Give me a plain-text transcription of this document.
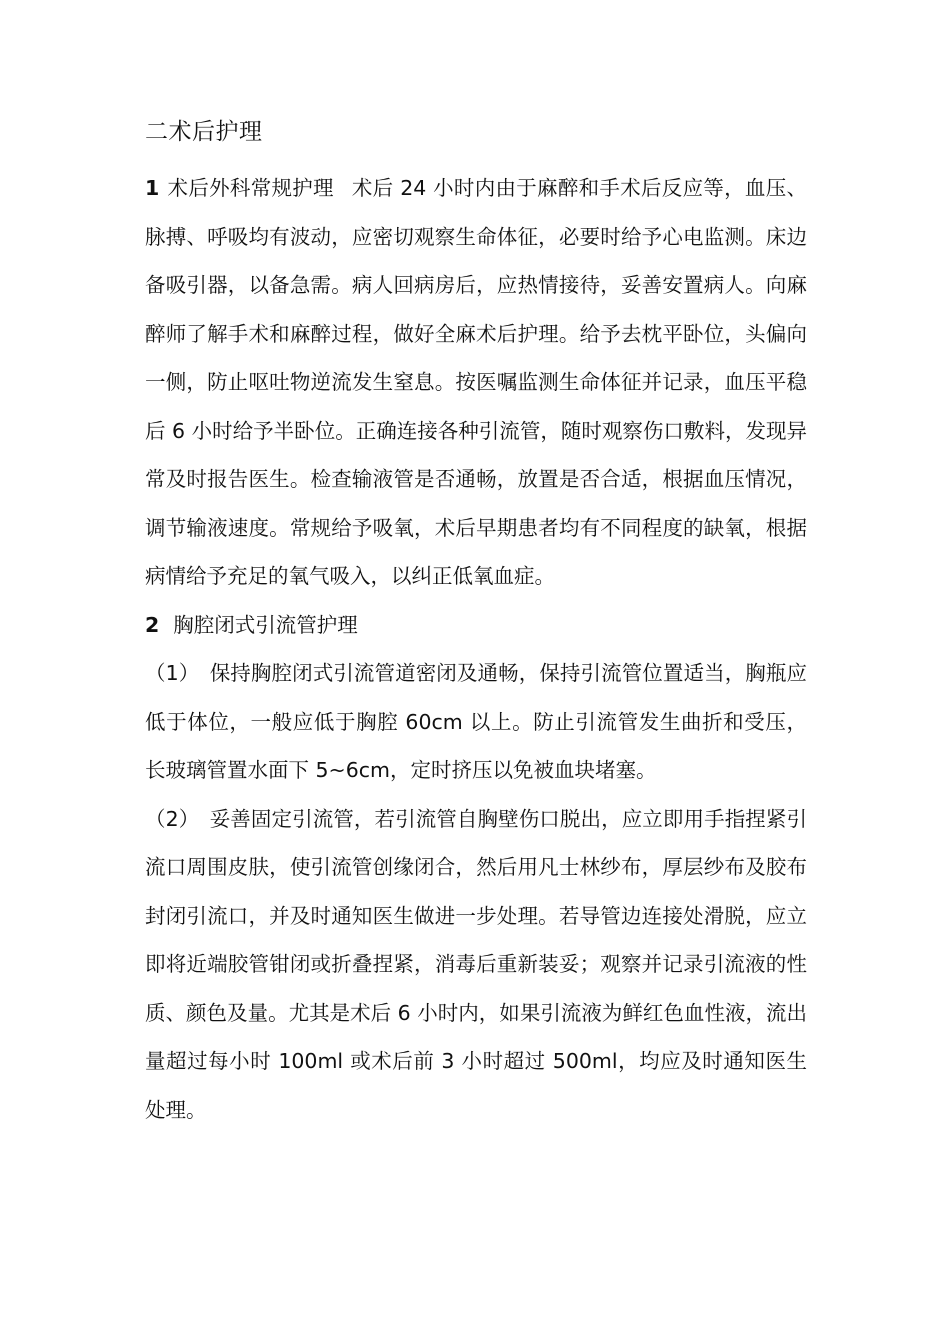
二术后护理

1 术后外科常规护理 术后 24 小时内由于麻醉和手术后反应等，血压、脉搏、呼吸均有波动，应密切观察生命体征，必要时给予心电监测。床边备吸引器，以备急需。病人回病房后，应热情接待，妥善安置病人。向麻醉师了解手术和麻醉过程，做好全麻术后护理。给予去枕平卧位，头偏向一侧，防止呕吐物逆流发生窒息。按医嘱监测生命体征并记录，血压平稳后 6 小时给予半卧位。正确连接各种引流管，随时观察伤口敷料，发现异常及时报告医生。检查输液管是否通畅，放置是否合适，根据血压情况，调节输液速度。常规给予吸氧，术后早期患者均有不同程度的缺氧，根据病情给予充足的氧气吸入，以纠正低氧血症。

2 胸腔闭式引流管护理

（1）　保持胸腔闭式引流管道密闭及通畅，保持引流管位置适当，胸瓶应低于体位，一般应低于胸腔 60cm 以上。防止引流管发生曲折和受压，长玻璃管置水面下 5~6cm，定时挤压以免被血块堵塞。

（2）　妥善固定引流管，若引流管自胸壁伤口脱出，应立即用手指捏紧引流口周围皮肤，使引流管创缘闭合，然后用凡士林纱布，厚层纱布及胶布封闭引流口，并及时通知医生做进一步处理。若导管边连接处滑脱，应立即将近端胶管钳闭或折叠捏紧，消毒后重新装妥；观察并记录引流液的性质、颜色及量。尤其是术后 6 小时内，如果引流液为鲜红色血性液，流出量超过每小时 100ml 或术后前 3 小时超过 500ml，均应及时通知医生处理。
